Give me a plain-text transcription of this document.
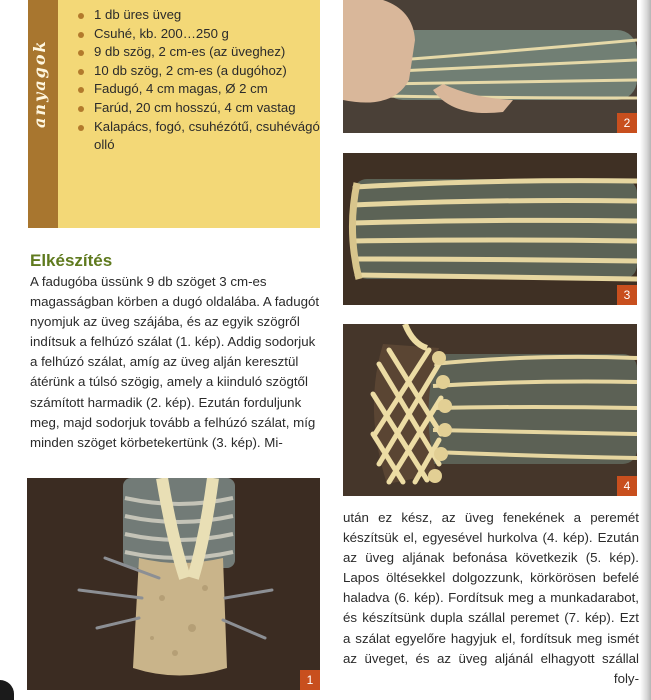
anyagok
1 db üres üveg
Csuhé, kb. 200…250 g
9 db szög, 2 cm-es (az üveghez)
10 db szög, 2 cm-es (a dugóhoz)
Fadugó, 4 cm magas, Ø 2 cm
Farúd, 20 cm hosszú, 4 cm vastag
Kalapács, fogó, csuhézótű, csuhévágó olló
Elkészítés

A fadugóba üssünk 9 db szöget 3 cm-es magasságban körben a dugó oldalába. A fadugót nyomjuk az üveg szájába, és az egyik szögről indítsuk a felhúzó szálat (1. kép). Addig sodorjuk a felhúzó szálat, amíg az üveg alján keresztül átérünk a túlsó szögig, amely a kiinduló szögtől számított harmadik (2. kép). Ezután forduljunk meg, majd sodorjuk tovább a felhúzó szálat, míg minden szöget körbetekertünk (3. kép). Mi-

után ez kész, az üveg fenekének a peremét készítsük el, egyesével hurkolva (4. kép). Ezután az üveg aljának befonása következik (5. kép). Lapos öltésekkel dolgozzunk, körkörösen befelé haladva (6. kép). Fordítsuk meg a munkadarabot, és készítsünk dupla szállal peremet (7. kép). Ezt a szálat egyelőre hagyjuk el, fordítsuk meg ismét az üveget, és az üveg aljánál elhagyott szállal foly-

1
2
3
4
